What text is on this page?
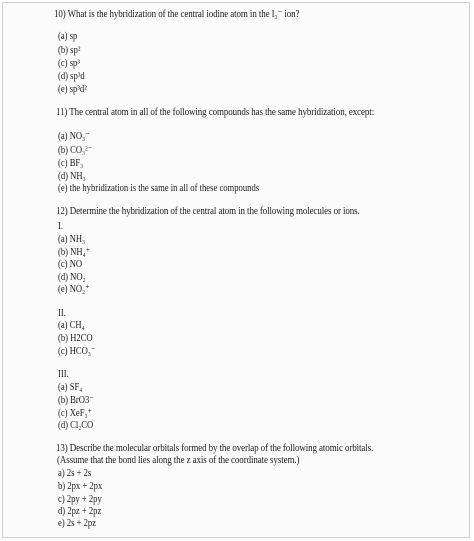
10) What is the hybridization of the central iodine atom in the I₃⁻ ion?
(a) sp
(b) sp²
(c) sp³
(d) sp³d
(e) sp³d²
11) The central atom in all of the following compounds has the same hybridization, except:
(a) NO₃⁻
(b) CO₃²⁻
(c) BF₃
(d) NH₃
(e) the hybridization is the same in all of these compounds
12) Determine the hybridization of the central atom in the following molecules or ions.
I.
(a) NH₃
(b) NH₄⁺
(c) NO
(d) NO₂
(e) NO₂⁺
II.
(a) CH₄
(b) H2CO
(c) HCO₃⁻
III.
(a) SF₄
(b) BrO3⁻
(c) XeF₃⁺
(d) Cl₂CO
13) Describe the molecular orbitals formed by the overlap of the following atomic orbitals.
(Assume that the bond lies along the z axis of the coordinate system.)
a) 2s + 2s
b) 2px + 2px
c) 2py + 2py
d) 2pz + 2pz
e) 2s + 2pz
